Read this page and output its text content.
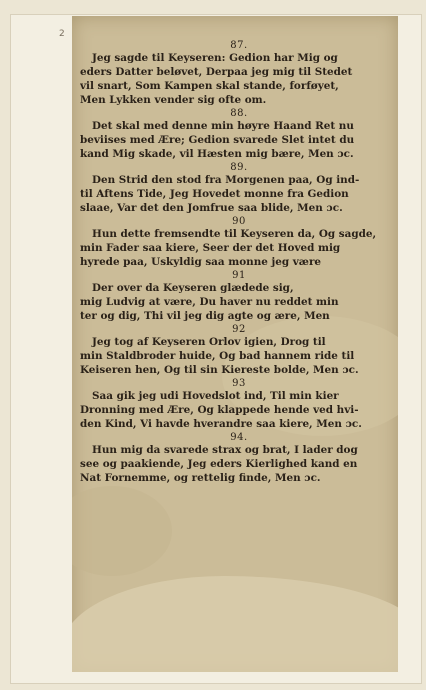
2
87.
Jeg sagde til Keyseren: Gedion har Mig og
eders Datter beløvet, Derpaa jeg mig til Stedet
vil snart, Som Kampen skal stande, forføyet,
Men Lykken vender sig ofte om.
88.
Det skal med denne min høyre Haand Ret nu
beviises med Ære; Gedion svarede Slet intet du
kand Mig skade, vil Hæsten mig bære, Men ɔc.
89.
Den Strid den stod fra Morgenen paa, Og ind-
til Aftens Tide, Jeg Hovedet monne fra Gedion
slaae, Var det den Jomfrue saa blide, Men ɔc.
90
Hun dette fremsendte til Keyseren da, Og sagde,
min Fader saa kiere, Seer der det Hoved mig
hyrede paa, Uskyldig saa monne jeg være
91
Der over da Keyseren glædede sig,
mig Ludvig at være, Du haver nu reddet min
ter og dig, Thi vil jeg dig agte og ære, Men
92
Jeg tog af Keyseren Orlov igien, Drog til
min Staldbroder huide, Og bad hannem ride til
Keiseren hen, Og til sin Kiereste bolde, Men ɔc.
93
Saa gik jeg udi Hovedslot ind, Til min kier
Dronning med Ære, Og klappede hende ved hvi-
den Kind, Vi havde hverandre saa kiere, Men ɔc.
94.
Hun mig da svarede strax og brat, I lader dog
see og paakiende, Jeg eders Kierlighed kand en
Nat Fornemme, og rettelig finde, Men ɔc.
